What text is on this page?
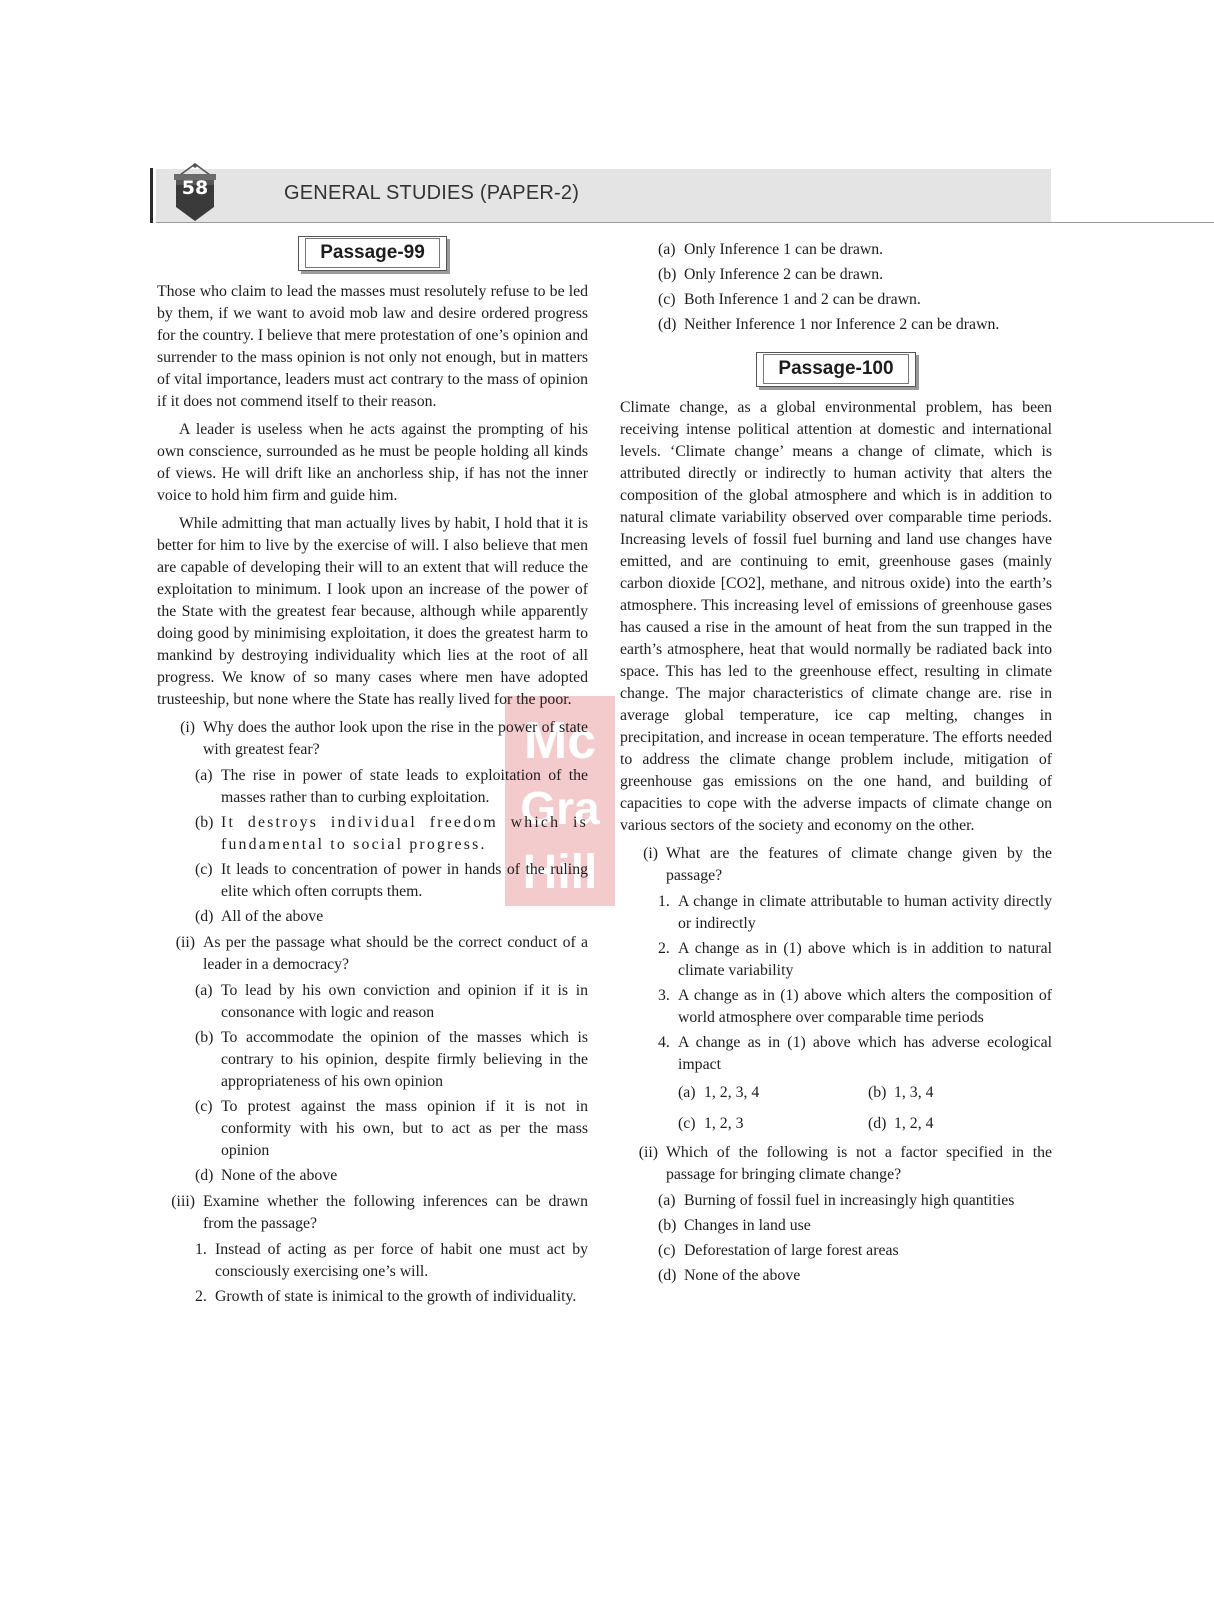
58	GENERAL STUDIES (PAPER-2)
Mc
Gra
Hill
Passage-99

Those who claim to lead the masses must resolutely refuse to be led by them, if we want to avoid mob law and desire ordered progress for the country. I believe that mere protestation of one’s opinion and surrender to the mass opinion is not only not enough, but in matters of vital importance, leaders must act contrary to the mass of opinion if it does not commend itself to their reason.

A leader is useless when he acts against the prompting of his own conscience, surrounded as he must be people holding all kinds of views. He will drift like an anchorless ship, if has not the inner voice to hold him firm and guide him.

While admitting that man actually lives by habit, I hold that it is better for him to live by the exercise of will. I also believe that men are capable of developing their will to an extent that will reduce the exploitation to minimum. I look upon an increase of the power of the State with the greatest fear because, although while apparently doing good by minimising exploitation, it does the greatest harm to mankind by destroying individuality which lies at the root of all progress. We know of so many cases where men have adopted trusteeship, but none where the State has really lived for the poor.

(i) Why does the author look upon the rise in the power of state with greatest fear?
(a) The rise in power of state leads to exploitation of the masses rather than to curbing exploitation.
(b) It destroys individual freedom which is fundamental to social progress.
(c) It leads to concentration of power in hands of the ruling elite which often corrupts them.
(d) All of the above
(ii) As per the passage what should be the correct conduct of a leader in a democracy?
(a) To lead by his own conviction and opinion if it is in consonance with logic and reason
(b) To accommodate the opinion of the masses which is contrary to his opinion, despite firmly believing in the appropriateness of his own opinion
(c) To protest against the mass opinion if it is not in conformity with his own, but to act as per the mass opinion
(d) None of the above
(iii) Examine whether the following inferences can be drawn from the passage?
1. Instead of acting as per force of habit one must act by consciously exercising one’s will.
2. Growth of state is inimical to the growth of individuality.
(a) Only Inference 1 can be drawn.
(b) Only Inference 2 can be drawn.
(c) Both Inference 1 and 2 can be drawn.
(d) Neither Inference 1 nor Inference 2 can be drawn.
Passage-100

Climate change, as a global environmental problem, has been receiving intense political attention at domestic and international levels. ‘Climate change’ means a change of climate, which is attributed directly or indirectly to human activity that alters the composition of the global atmosphere and which is in addition to natural climate variability observed over comparable time periods. Increasing levels of fossil fuel burning and land use changes have emitted, and are continuing to emit, greenhouse gases (mainly carbon dioxide [CO2], methane, and nitrous oxide) into the earth’s atmosphere. This increasing level of emissions of greenhouse gases has caused a rise in the amount of heat from the sun trapped in the earth’s atmosphere, heat that would normally be radiated back into space. This has led to the greenhouse effect, resulting in climate change. The major characteristics of climate change are. rise in average global temperature, ice cap melting, changes in precipitation, and increase in ocean temperature. The efforts needed to address the climate change problem include, mitigation of greenhouse gas emissions on the one hand, and building of capacities to cope with the adverse impacts of climate change on various sectors of the society and economy on the other.

(i) What are the features of climate change given by the passage?
1. A change in climate attributable to human activity directly or indirectly
2. A change as in (1) above which is in addition to natural climate variability
3. A change as in (1) above which alters the composition of world atmosphere over comparable time periods
4. A change as in (1) above which has adverse ecological impact
(a) 1, 2, 3, 4	(b) 1, 3, 4
(c) 1, 2, 3	(d) 1, 2, 4
(ii) Which of the following is not a factor specified in the passage for bringing climate change?
(a) Burning of fossil fuel in increasingly high quantities
(b) Changes in land use
(c) Deforestation of large forest areas
(d) None of the above
